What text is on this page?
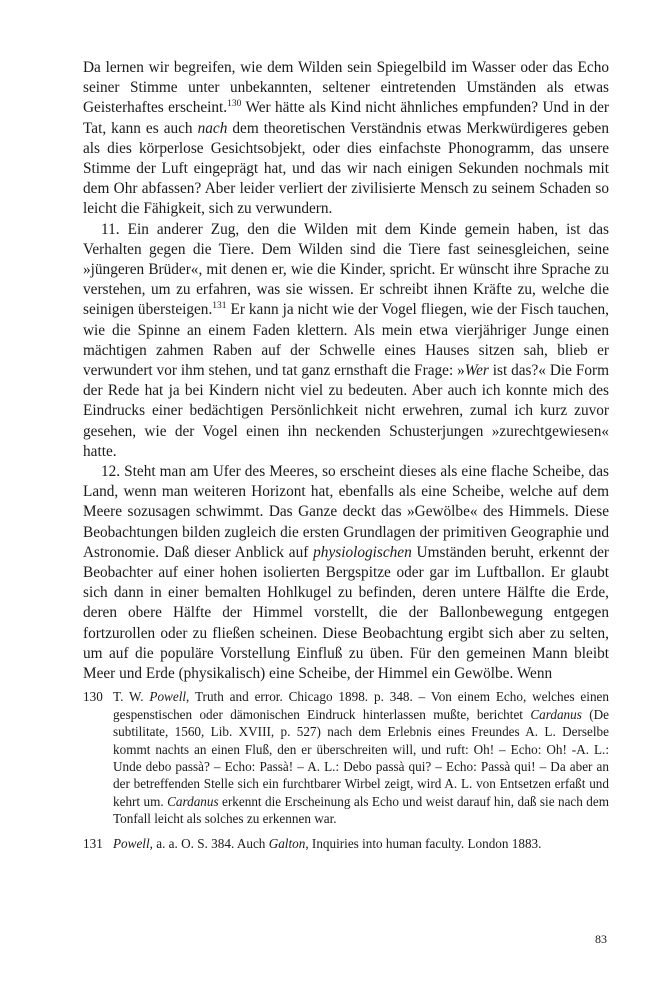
Da lernen wir begreifen, wie dem Wilden sein Spiegelbild im Wasser oder das Echo seiner Stimme unter unbekannten, seltener eintretenden Umständen als etwas Geisterhaftes erscheint.$^{130}$ Wer hätte als Kind nicht ähnliches empfunden? Und in der Tat, kann es auch nach dem theoretischen Verständnis etwas Merkwürdigeres geben als dies körperlose Gesichtsobjekt, oder dies einfachste Phonogramm, das unsere Stimme der Luft eingeprägt hat, und das wir nach einigen Sekunden nochmals mit dem Ohr abfassen? Aber leider verliert der zivilisierte Mensch zu seinem Schaden so leicht die Fähigkeit, sich zu verwundern.

11. Ein anderer Zug, den die Wilden mit dem Kinde gemein haben, ist das Verhalten gegen die Tiere. Dem Wilden sind die Tiere fast seinesgleichen, seine »jüngeren Brüder«, mit denen er, wie die Kinder, spricht. Er wünscht ihre Sprache zu verstehen, um zu erfahren, was sie wissen. Er schreibt ihnen Kräfte zu, welche die seinigen übersteigen.$^{131}$ Er kann ja nicht wie der Vogel fliegen, wie der Fisch tauchen, wie die Spinne an einem Faden klettern. Als mein etwa vierjähriger Junge einen mächtigen zahmen Raben auf der Schwelle eines Hauses sitzen sah, blieb er verwundert vor ihm stehen, und tat ganz ernsthaft die Frage: »Wer ist das?« Die Form der Rede hat ja bei Kindern nicht viel zu bedeuten. Aber auch ich konnte mich des Eindrucks einer bedächtigen Persönlichkeit nicht erwehren, zumal ich kurz zuvor gesehen, wie der Vogel einen ihn neckenden Schusterjungen »zurechtgewiesen« hatte.

12. Steht man am Ufer des Meeres, so erscheint dieses als eine flache Scheibe, das Land, wenn man weiteren Horizont hat, ebenfalls als eine Scheibe, welche auf dem Meere sozusagen schwimmt. Das Ganze deckt das »Gewölbe« des Himmels. Diese Beobachtungen bilden zugleich die ersten Grundlagen der primitiven Geographie und Astronomie. Daß dieser Anblick auf physiologischen Umständen beruht, erkennt der Beobachter auf einer hohen isolierten Bergspitze oder gar im Luftballon. Er glaubt sich dann in einer bemalten Hohlkugel zu befinden, deren untere Hälfte die Erde, deren obere Hälfte der Himmel vorstellt, die der Ballonbewegung entgegen fortzurollen oder zu fließen scheinen. Diese Beobachtung ergibt sich aber zu selten, um auf die populäre Vorstellung Einfluß zu üben. Für den gemeinen Mann bleibt Meer und Erde (physikalisch) eine Scheibe, der Himmel ein Gewölbe. Wenn

130 T. W. Powell, Truth and error. Chicago 1898. p. 348. – Von einem Echo, welches einen gespenstischen oder dämonischen Eindruck hinterlassen mußte, berichtet Cardanus (De subtilitate, 1560, Lib. XVIII, p. 527) nach dem Erlebnis eines Freundes A. L. Derselbe kommt nachts an einen Fluß, den er überschreiten will, und ruft: Oh! – Echo: Oh! -A. L.: Unde debo passà? – Echo: Passà! – A. L.: Debo passà qui? – Echo: Passà qui! – Da aber an der betreffenden Stelle sich ein furchtbarer Wirbel zeigt, wird A. L. von Entsetzen erfaßt und kehrt um. Cardanus erkennt die Erscheinung als Echo und weist darauf hin, daß sie nach dem Tonfall leicht als solches zu erkennen war.
131 Powell, a. a. O. S. 384. Auch Galton, Inquiries into human faculty. London 1883.
83
